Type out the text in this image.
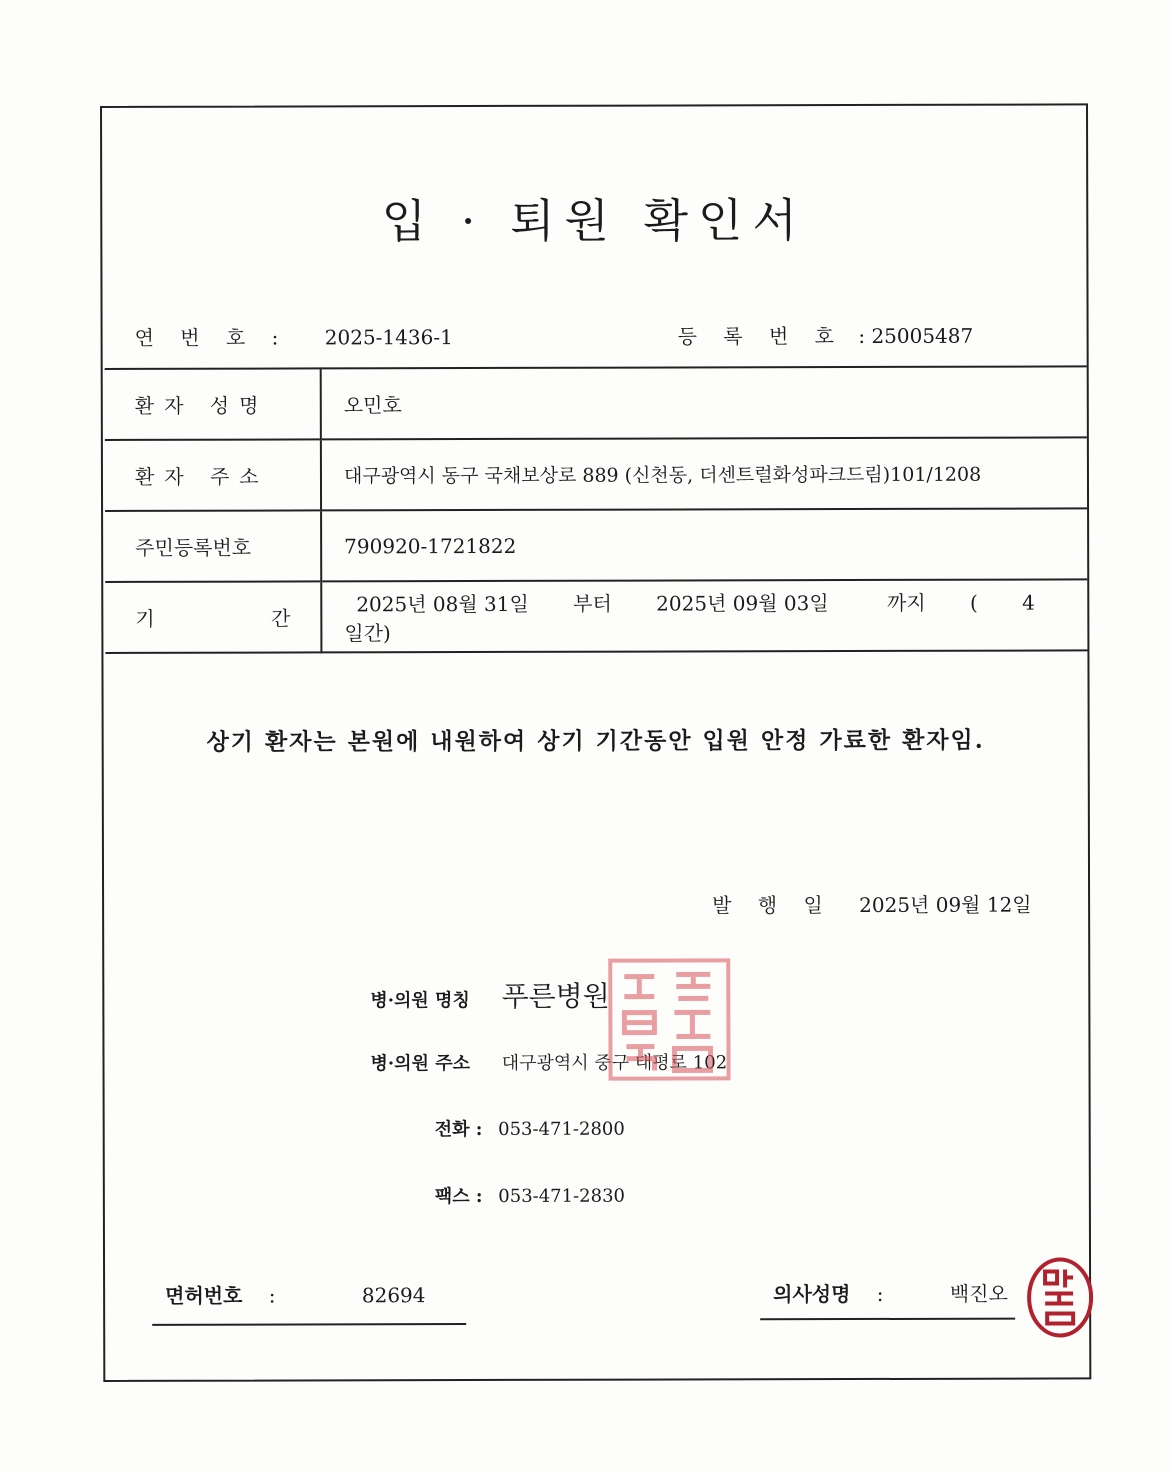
입 · 퇴원 확인서
연 번 호 : 2025-1436-1	등 록 번 호 : 25005487
환자 성명	오민호
환자 주소	대구광역시 동구 국채보상로 889 (신천동, 더센트럴화성파크드림)101/1208
주민등록번호	790920-1721822

기 간	2025년 08월 31일 부터 2025년 09월 03일 까지 ( 4 일간)
상기 환자는 본원에 내원하여 상기 기간동안 입원 안정 가료한 환자임.
발 행 일 2025년 09월 12일
병·의원 명칭 푸른병원
병·의원 주소 대구광역시 중구 태평로 102
전화 : 053-471-2800
팩스 : 053-471-2830
면허번호 :	82694	의사성명 :	백진오
